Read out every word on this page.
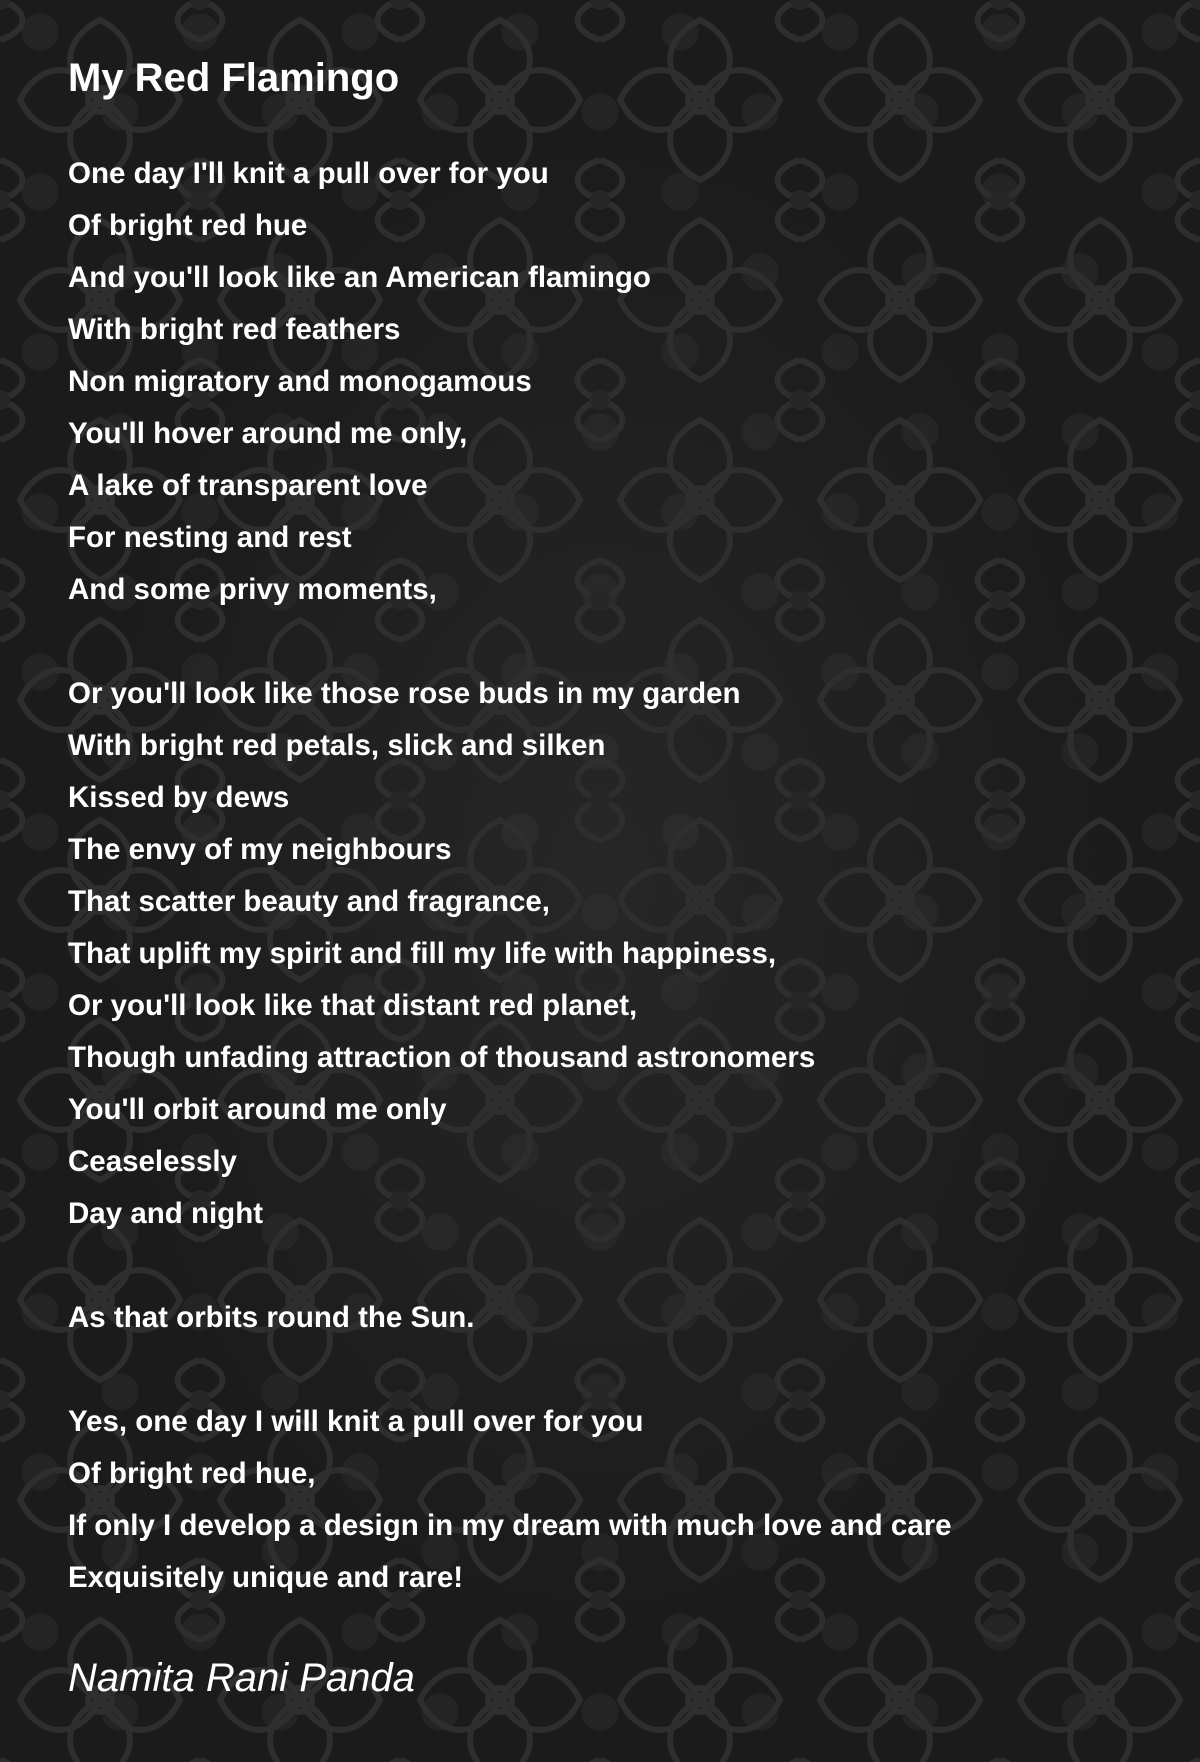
My Red Flamingo
One day I'll knit a pull over for you
Of bright red hue
And you'll look like an American flamingo
With bright red feathers
Non migratory and monogamous
You'll hover around me only,
A lake of transparent love
For nesting and rest
And some privy moments,
Or you'll look like those rose buds in my garden
With bright red petals, slick and silken
Kissed by dews
The envy of my neighbours
That scatter beauty and fragrance,
That uplift my spirit and fill my life with happiness,
Or you'll look like that distant red planet,
Though unfading attraction of thousand astronomers
You'll orbit around me only
Ceaselessly
Day and night
As that orbits round the Sun.
Yes, one day I will knit a pull over for you
Of bright red hue,
If only I develop a design in my dream with much love and care
Exquisitely unique and rare!
Namita Rani Panda
